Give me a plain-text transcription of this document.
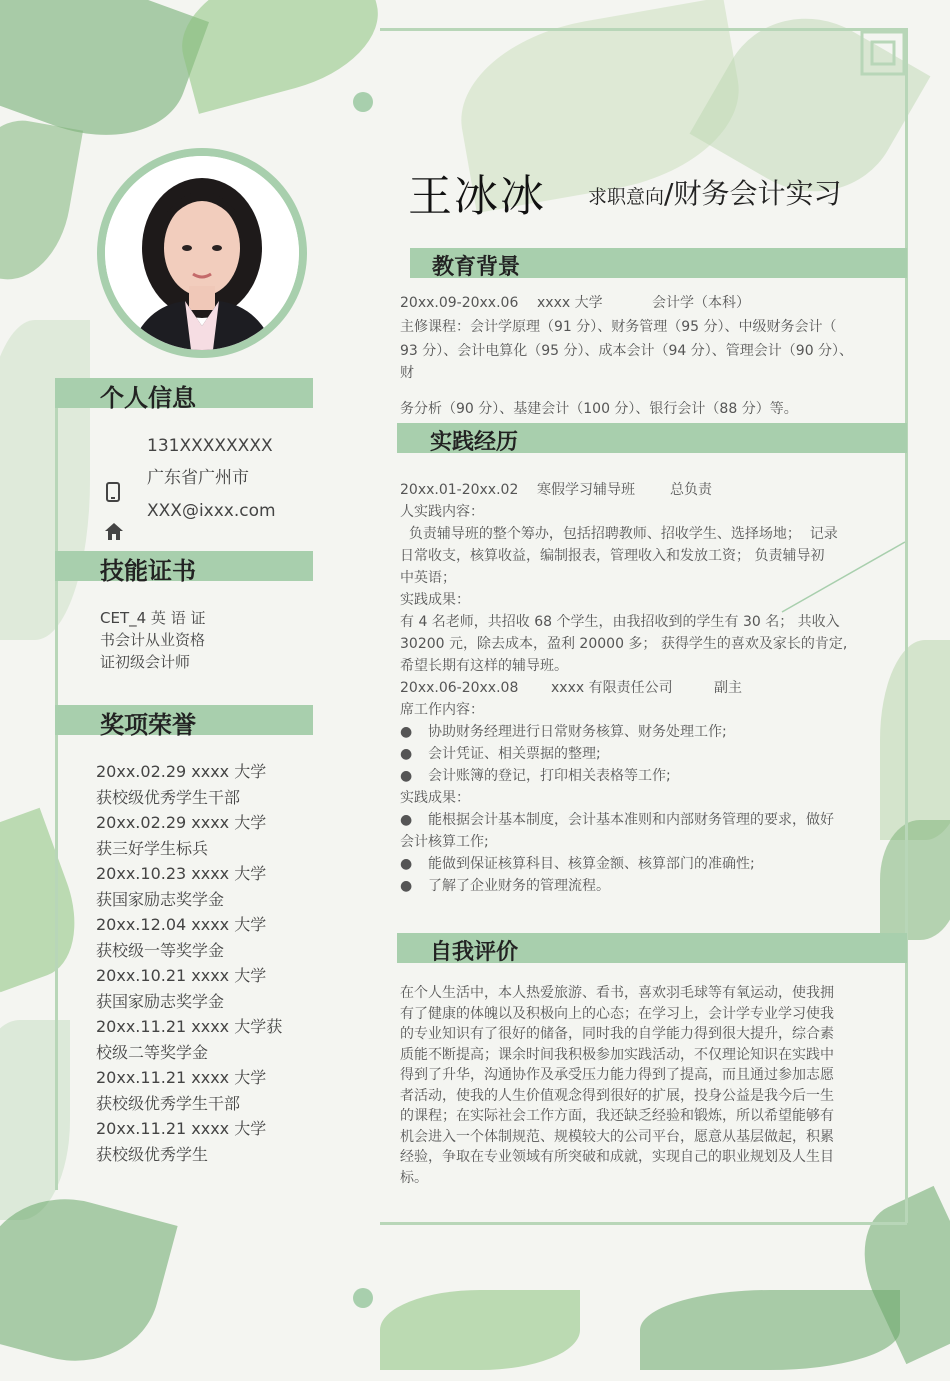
王冰冰 求职意向/财务会计实习
个人信息
131XXXXXXXX
广东省广州市
XXX@ixxx.com
技能证书
CET_4 英 语 证
书会计从业资格
证初级会计师
奖项荣誉
20xx.02.29 xxxx 大学
获校级优秀学生干部
20xx.02.29 xxxx 大学
获三好学生标兵
20xx.10.23 xxxx 大学
获国家励志奖学金
20xx.12.04 xxxx 大学
获校级一等奖学金
20xx.10.21 xxxx 大学
获国家励志奖学金
20xx.11.21 xxxx 大学获
校级二等奖学金
20xx.11.21 xxxx 大学
获校级优秀学生干部
20xx.11.21 xxxx 大学
获校级优秀学生
教育背景
20xx.09-20xx.06 xxxx 大学	会计学（本科）
主修课程：会计学原理（91 分）、财务管理（95 分）、中级财务会计（
93 分）、会计电算化（95 分）、成本会计（94 分）、管理会计（90 分）、财
务分析（90 分）、基建会计（100 分）、银行会计（88 分）等。
实践经历
20xx.01-20xx.02 寒假学习辅导班	总负责
人实践内容：
负责辅导班的整个筹办，包括招聘教师、招收学生、选择场地；  记录
日常收支，核算收益，编制报表，管理收入和发放工资； 负责辅导初
中英语；
实践成果：
有 4 名老师，共招收 68 个学生，由我招收到的学生有 30 名； 共收入
30200 元，除去成本，盈利 20000 多； 获得学生的喜欢及家长的肯定,
希望长期有这样的辅导班。
20xx.06-20xx.08 xxxx 有限责任公司	副主
席工作内容：
●	协助财务经理进行日常财务核算、财务处理工作;
●	会计凭证、相关票据的整理;
●	会计账簿的登记，打印相关表格等工作;
实践成果：
●	能根据会计基本制度，会计基本准则和内部财务管理的要求，做好
会计核算工作;
●	能做到保证核算科目、核算金额、核算部门的准确性;
●	了解了企业财务的管理流程。
自我评价
在个人生活中，本人热爱旅游、看书，喜欢羽毛球等有氧运动，使我拥
有了健康的体魄以及积极向上的心态；在学习上，会计学专业学习使我
的专业知识有了很好的储备，同时我的自学能力得到很大提升，综合素
质能不断提高；课余时间我积极参加实践活动，不仅理论知识在实践中
得到了升华，沟通协作及承受压力能力得到了提高，而且通过参加志愿
者活动，使我的人生价值观念得到很好的扩展，投身公益是我今后一生
的课程；在实际社会工作方面，我还缺乏经验和锻炼，所以希望能够有
机会进入一个体制规范、规模较大的公司平台，愿意从基层做起，积累
经验，争取在专业领域有所突破和成就，实现自己的职业规划及人生目
标。
